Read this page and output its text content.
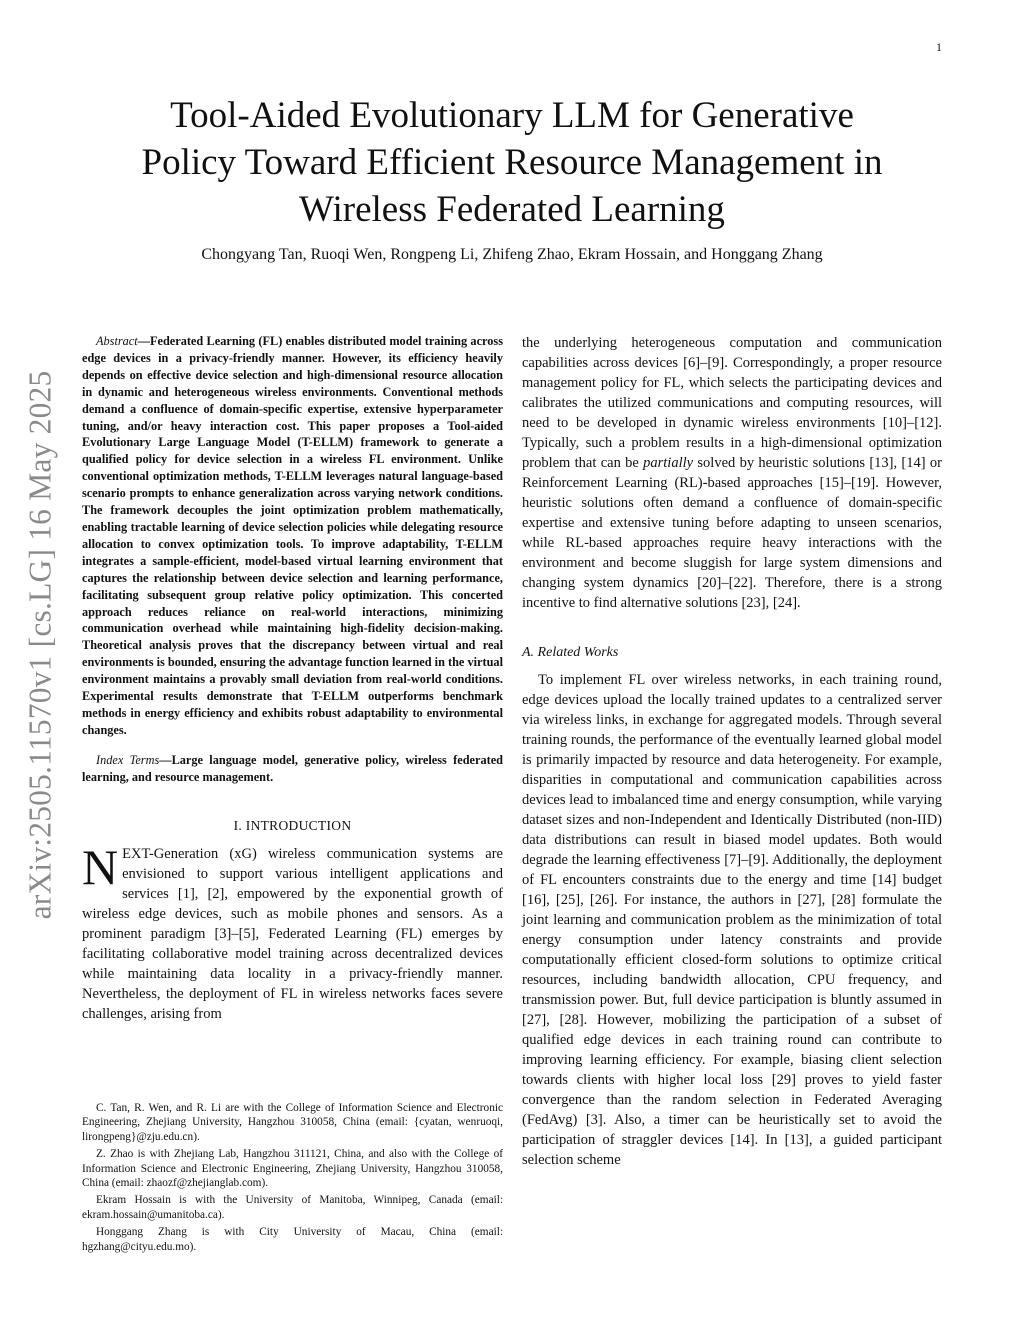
1
arXiv:2505.11570v1 [cs.LG] 16 May 2025
Tool-Aided Evolutionary LLM for Generative
Policy Toward Efficient Resource Management in
Wireless Federated Learning
Chongyang Tan, Ruoqi Wen, Rongpeng Li, Zhifeng Zhao, Ekram Hossain, and Honggang Zhang

Abstract—Federated Learning (FL) enables distributed model training across edge devices in a privacy-friendly manner. However, its efficiency heavily depends on effective device selection and high-dimensional resource allocation in dynamic and heterogeneous wireless environments. Conventional methods demand a confluence of domain-specific expertise, extensive hyperparameter tuning, and/or heavy interaction cost. This paper proposes a Tool-aided Evolutionary Large Language Model (T-ELLM) framework to generate a qualified policy for device selection in a wireless FL environment. Unlike conventional optimization methods, T-ELLM leverages natural language-based scenario prompts to enhance generalization across varying network conditions. The framework decouples the joint optimization problem mathematically, enabling tractable learning of device selection policies while delegating resource allocation to convex optimization tools. To improve adaptability, T-ELLM integrates a sample-efficient, model-based virtual learning environment that captures the relationship between device selection and learning performance, facilitating subsequent group relative policy optimization. This concerted approach reduces reliance on real-world interactions, minimizing communication overhead while maintaining high-fidelity decision-making. Theoretical analysis proves that the discrepancy between virtual and real environments is bounded, ensuring the advantage function learned in the virtual environment maintains a provably small deviation from real-world conditions. Experimental results demonstrate that T-ELLM outperforms benchmark methods in energy efficiency and exhibits robust adaptability to environmental changes.

Index Terms—Large language model, generative policy, wireless federated learning, and resource management.

I. INTRODUCTION

NEXT-Generation (xG) wireless communication systems are envisioned to support various intelligent applications and services [1], [2], empowered by the exponential growth of wireless edge devices, such as mobile phones and sensors. As a prominent paradigm [3]–[5], Federated Learning (FL) emerges by facilitating collaborative model training across decentralized devices while maintaining data locality in a privacy-friendly manner. Nevertheless, the deployment of FL in wireless networks faces severe challenges, arising from

C. Tan, R. Wen, and R. Li are with the College of Information Science and Electronic Engineering, Zhejiang University, Hangzhou 310058, China (email: {cyatan, wenruoqi, lirongpeng}@zju.edu.cn).

Z. Zhao is with Zhejiang Lab, Hangzhou 311121, China, and also with the College of Information Science and Electronic Engineering, Zhejiang University, Hangzhou 310058, China (email: zhaozf@zhejianglab.com).

Ekram Hossain is with the University of Manitoba, Winnipeg, Canada (email: ekram.hossain@umanitoba.ca).

Honggang Zhang is with City University of Macau, China (email: hgzhang@cityu.edu.mo).

the underlying heterogeneous computation and communication capabilities across devices [6]–[9]. Correspondingly, a proper resource management policy for FL, which selects the participating devices and calibrates the utilized communications and computing resources, will need to be developed in dynamic wireless environments [10]–[12]. Typically, such a problem results in a high-dimensional optimization problem that can be partially solved by heuristic solutions [13], [14] or Reinforcement Learning (RL)-based approaches [15]–[19]. However, heuristic solutions often demand a confluence of domain-specific expertise and extensive tuning before adapting to unseen scenarios, while RL-based approaches require heavy interactions with the environment and become sluggish for large system dimensions and changing system dynamics [20]–[22]. Therefore, there is a strong incentive to find alternative solutions [23], [24].

A. Related Works

To implement FL over wireless networks, in each training round, edge devices upload the locally trained updates to a centralized server via wireless links, in exchange for aggregated models. Through several training rounds, the performance of the eventually learned global model is primarily impacted by resource and data heterogeneity. For example, disparities in computational and communication capabilities across devices lead to imbalanced time and energy consumption, while varying dataset sizes and non-Independent and Identically Distributed (non-IID) data distributions can result in biased model updates. Both would degrade the learning effectiveness [7]–[9]. Additionally, the deployment of FL encounters constraints due to the energy and time [14] budget [16], [25], [26]. For instance, the authors in [27], [28] formulate the joint learning and communication problem as the minimization of total energy consumption under latency constraints and provide computationally efficient closed-form solutions to optimize critical resources, including bandwidth allocation, CPU frequency, and transmission power. But, full device participation is bluntly assumed in [27], [28]. However, mobilizing the participation of a subset of qualified edge devices in each training round can contribute to improving learning efficiency. For example, biasing client selection towards clients with higher local loss [29] proves to yield faster convergence than the random selection in Federated Averaging (FedAvg) [3]. Also, a timer can be heuristically set to avoid the participation of straggler devices [14]. In [13], a guided participant selection scheme
